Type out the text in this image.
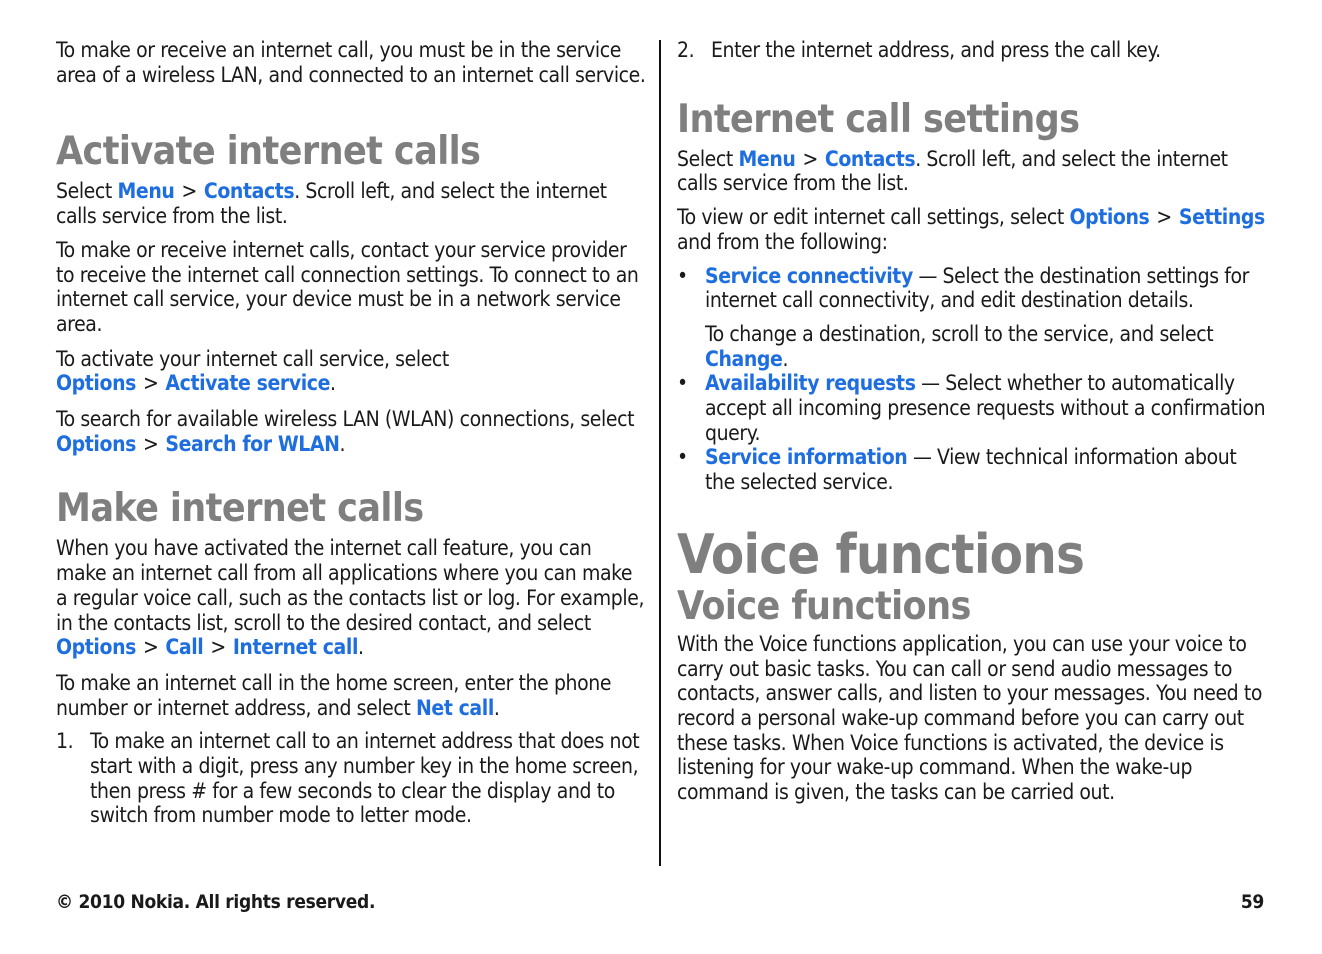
To make or receive an internet call, you must be in the service area of a wireless LAN, and connected to an internet call service.

Activate internet calls

Select Menu > Contacts. Scroll left, and select the internet calls service from the list.

To make or receive internet calls, contact your service provider to receive the internet call connection settings. To connect to an internet call service, your device must be in a network service area.

To activate your internet call service, select Options > Activate service.

To search for available wireless LAN (WLAN) connections, select Options > Search for WLAN.

Make internet calls

When you have activated the internet call feature, you can make an internet call from all applications where you can make a regular voice call, such as the contacts list or log. For example, in the contacts list, scroll to the desired contact, and select Options > Call > Internet call.

To make an internet call in the home screen, enter the phone number or internet address, and select Net call.

1. To make an internet call to an internet address that does not start with a digit, press any number key in the home screen, then press # for a few seconds to clear the display and to switch from number mode to letter mode.
2. Enter the internet address, and press the call key.
Internet call settings

Select Menu > Contacts. Scroll left, and select the internet calls service from the list.

To view or edit internet call settings, select Options > Settings and from the following:

• Service connectivity — Select the destination settings for internet call connectivity, and edit destination details.

To change a destination, scroll to the service, and select Change.

• Availability requests — Select whether to automatically accept all incoming presence requests without a confirmation query.
• Service information — View technical information about the selected service.
Voice functions
Voice functions

With the Voice functions application, you can use your voice to carry out basic tasks. You can call or send audio messages to contacts, answer calls, and listen to your messages. You need to record a personal wake-up command before you can carry out these tasks. When Voice functions is activated, the device is listening for your wake-up command. When the wake-up command is given, the tasks can be carried out.

© 2010 Nokia. All rights reserved.	59
